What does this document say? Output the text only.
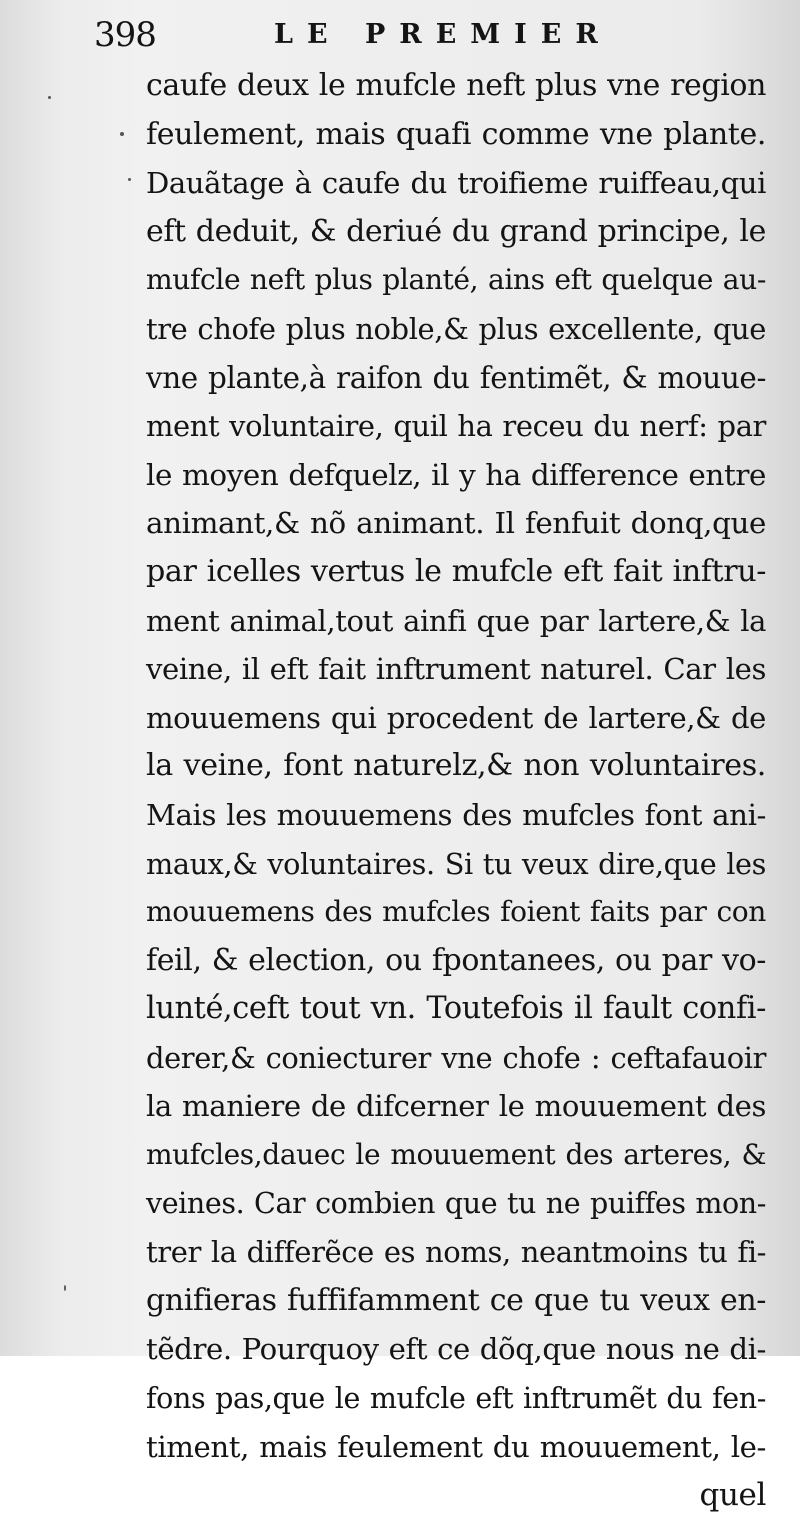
398	LE PREMIER
caufe deux le mufcle neft plus vne region
feulement, mais quafi comme vne plante.
Dauãtage à caufe du troifieme ruiffeau,qui
eft deduit, & deriué du grand principe, le
mufcle neft plus planté, ains eft quelque au-
tre chofe plus noble,& plus excellente, que
vne plante,à raifon du fentimẽt, & mouue-
ment voluntaire, quil ha receu du nerf: par
le moyen defquelz, il y ha difference entre
animant,& nõ animant. Il fenfuit donq,que
par icelles vertus le mufcle eft fait inftru-
ment animal,tout ainfi que par lartere,& la
veine, il eft fait inftrument naturel. Car les
mouuemens qui procedent de lartere,& de
la veine, font naturelz,& non voluntaires.
Mais les mouuemens des mufcles font ani-
maux,& voluntaires. Si tu veux dire,que les
mouuemens des mufcles foient faits par con
feil, & election, ou fpontanees, ou par vo-
lunté,ceft tout vn. Toutefois il fault confi-
derer,& coniecturer vne chofe : ceftafauoir
la maniere de difcerner le mouuement des
mufcles,dauec le mouuement des arteres, &
veines. Car combien que tu ne puiffes mon-
trer la differẽce es noms, neantmoins tu fi-
gnifieras fuffifamment ce que tu veux en-
tẽdre. Pourquoy eft ce dõq,que nous ne di-
fons pas,que le mufcle eft inftrumẽt du fen-
timent, mais feulement du mouuement, le-
quel
